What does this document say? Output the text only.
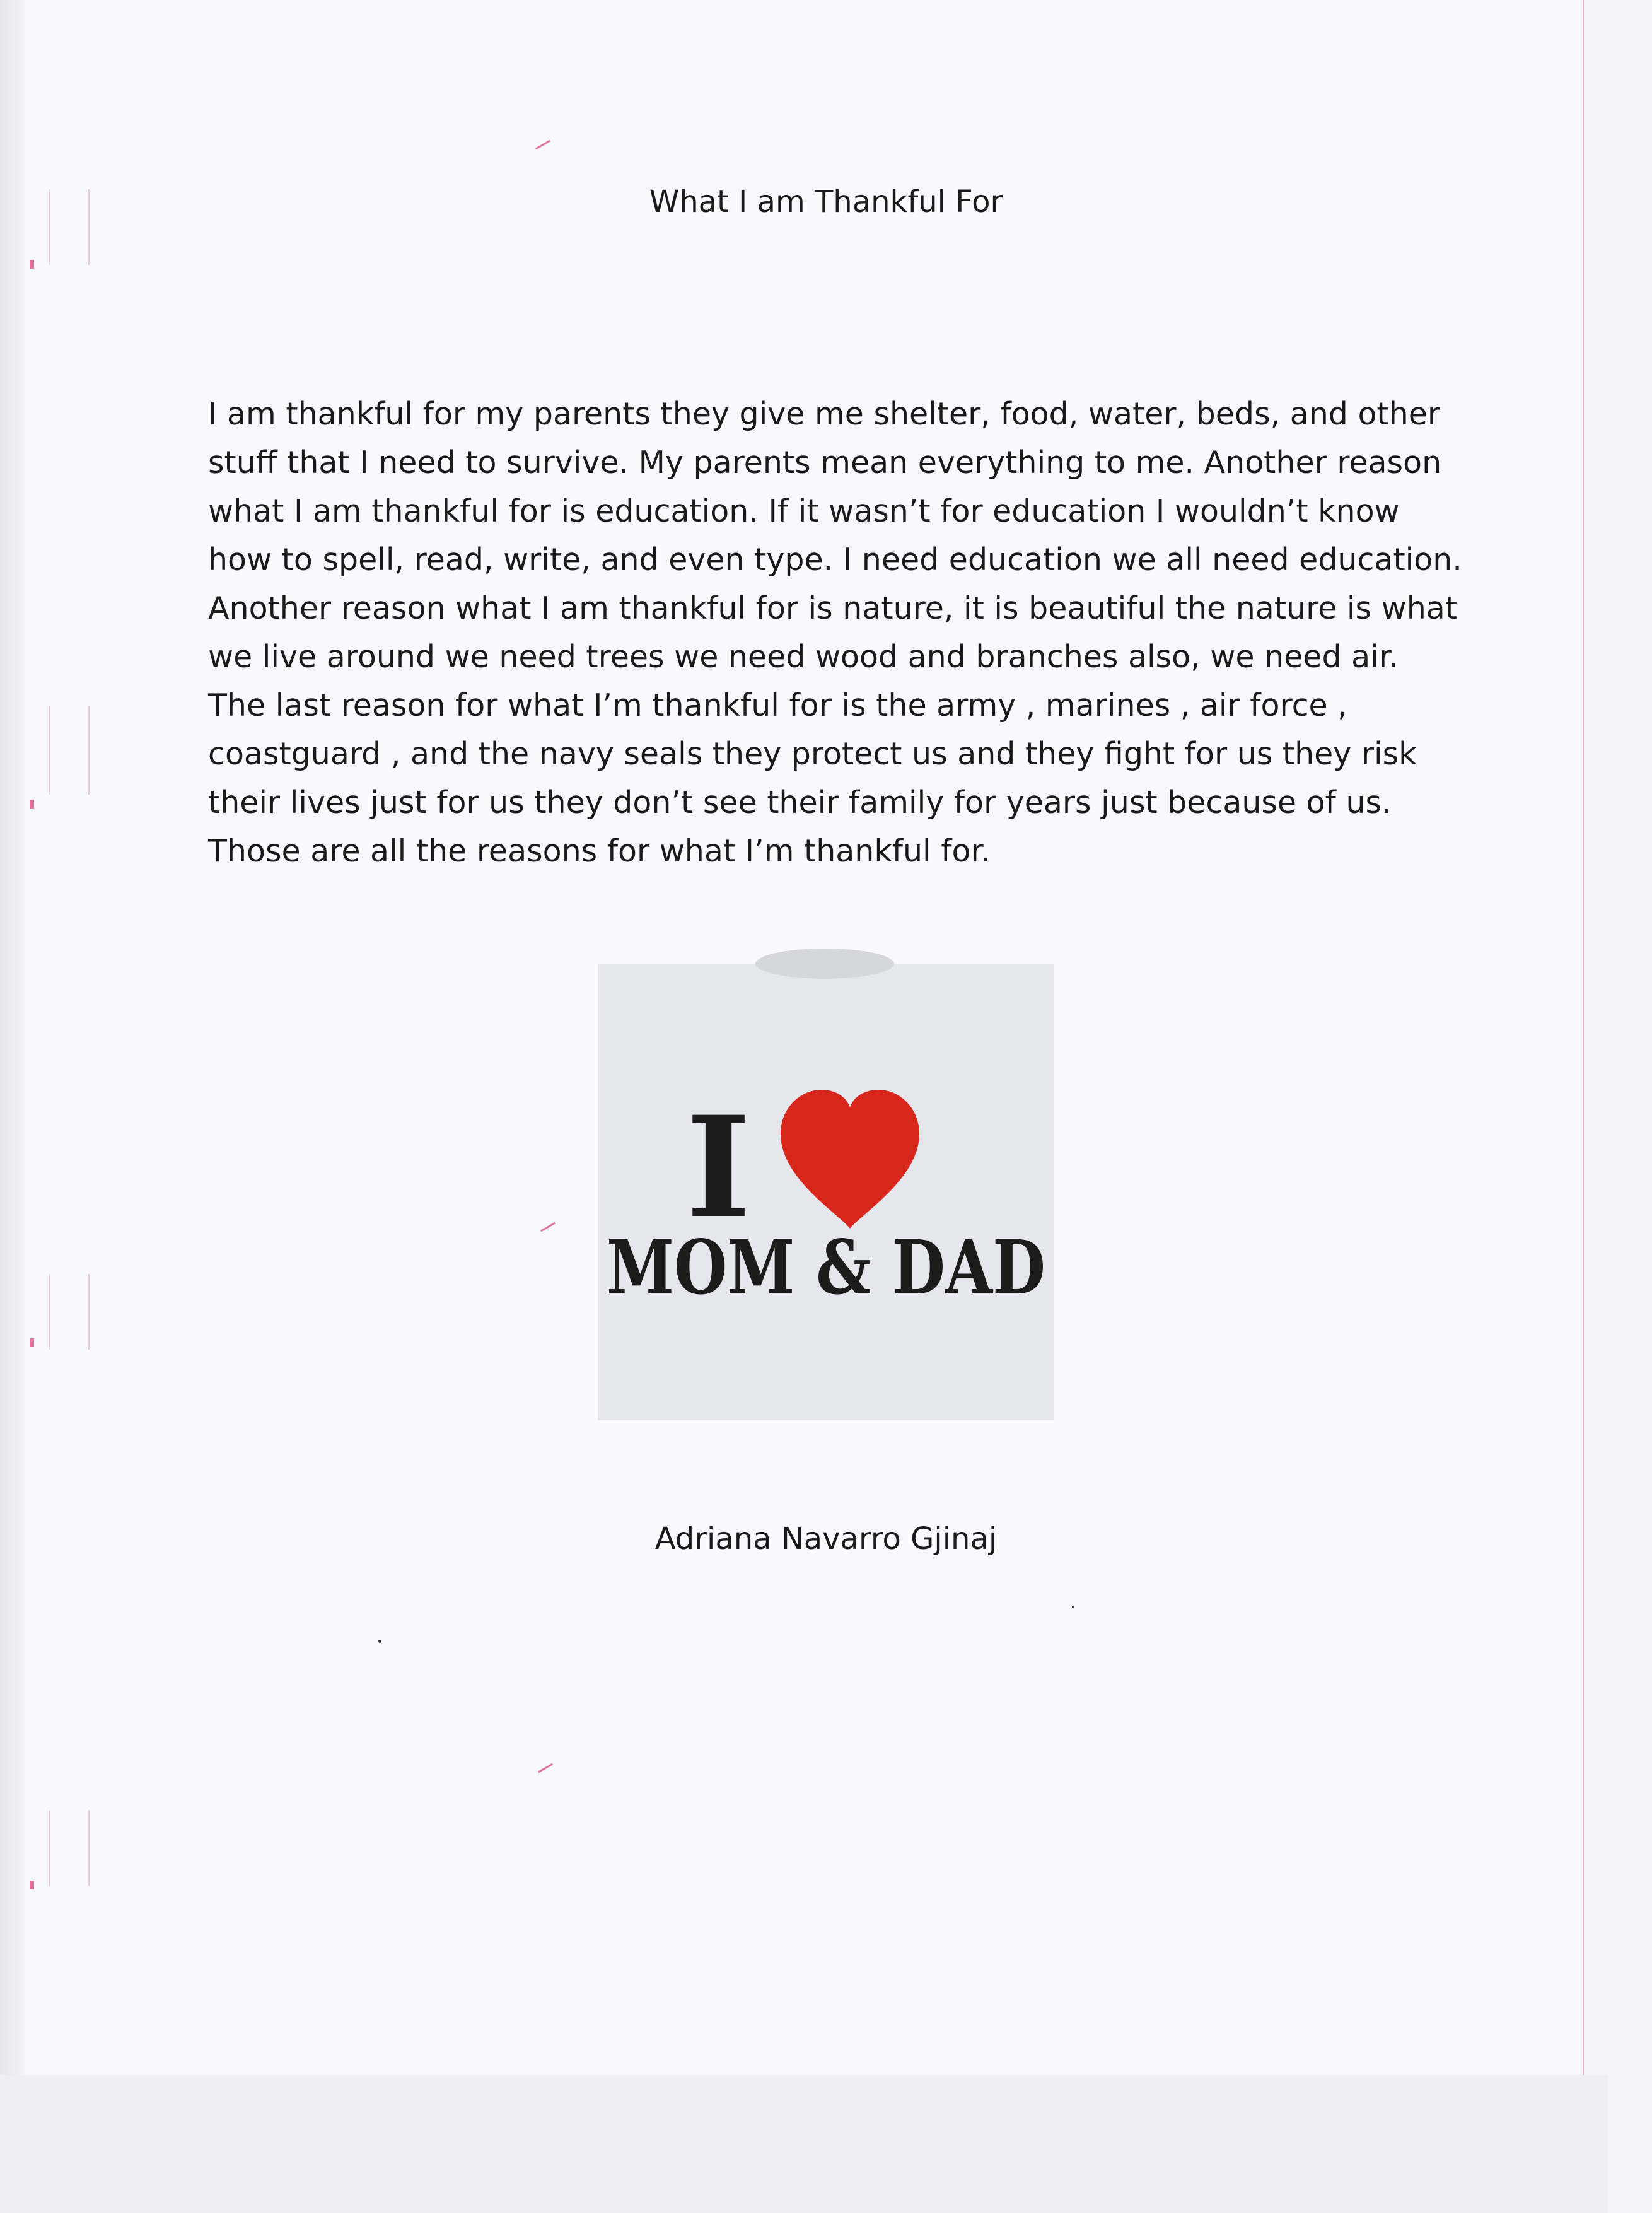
What I am Thankful For

I am thankful for my parents they give me shelter, food, water, beds, and other stuff that I need to survive. My parents mean everything to me. Another reason what I am thankful for is education. If it wasn’t for education I wouldn’t know how to spell, read, write, and even type. I need education we all need education. Another reason what I am thankful for is nature, it is beautiful the nature is what we live around we need trees we need wood and branches also, we need air. The last reason for what I’m thankful for is the army , marines , air force , coastguard , and the navy seals they protect us and they fight for us they risk their lives just for us they don’t see their family for years just because of us. Those are all the reasons for what I’m thankful for.

I
MOM & DAD
Adriana Navarro Gjinaj
